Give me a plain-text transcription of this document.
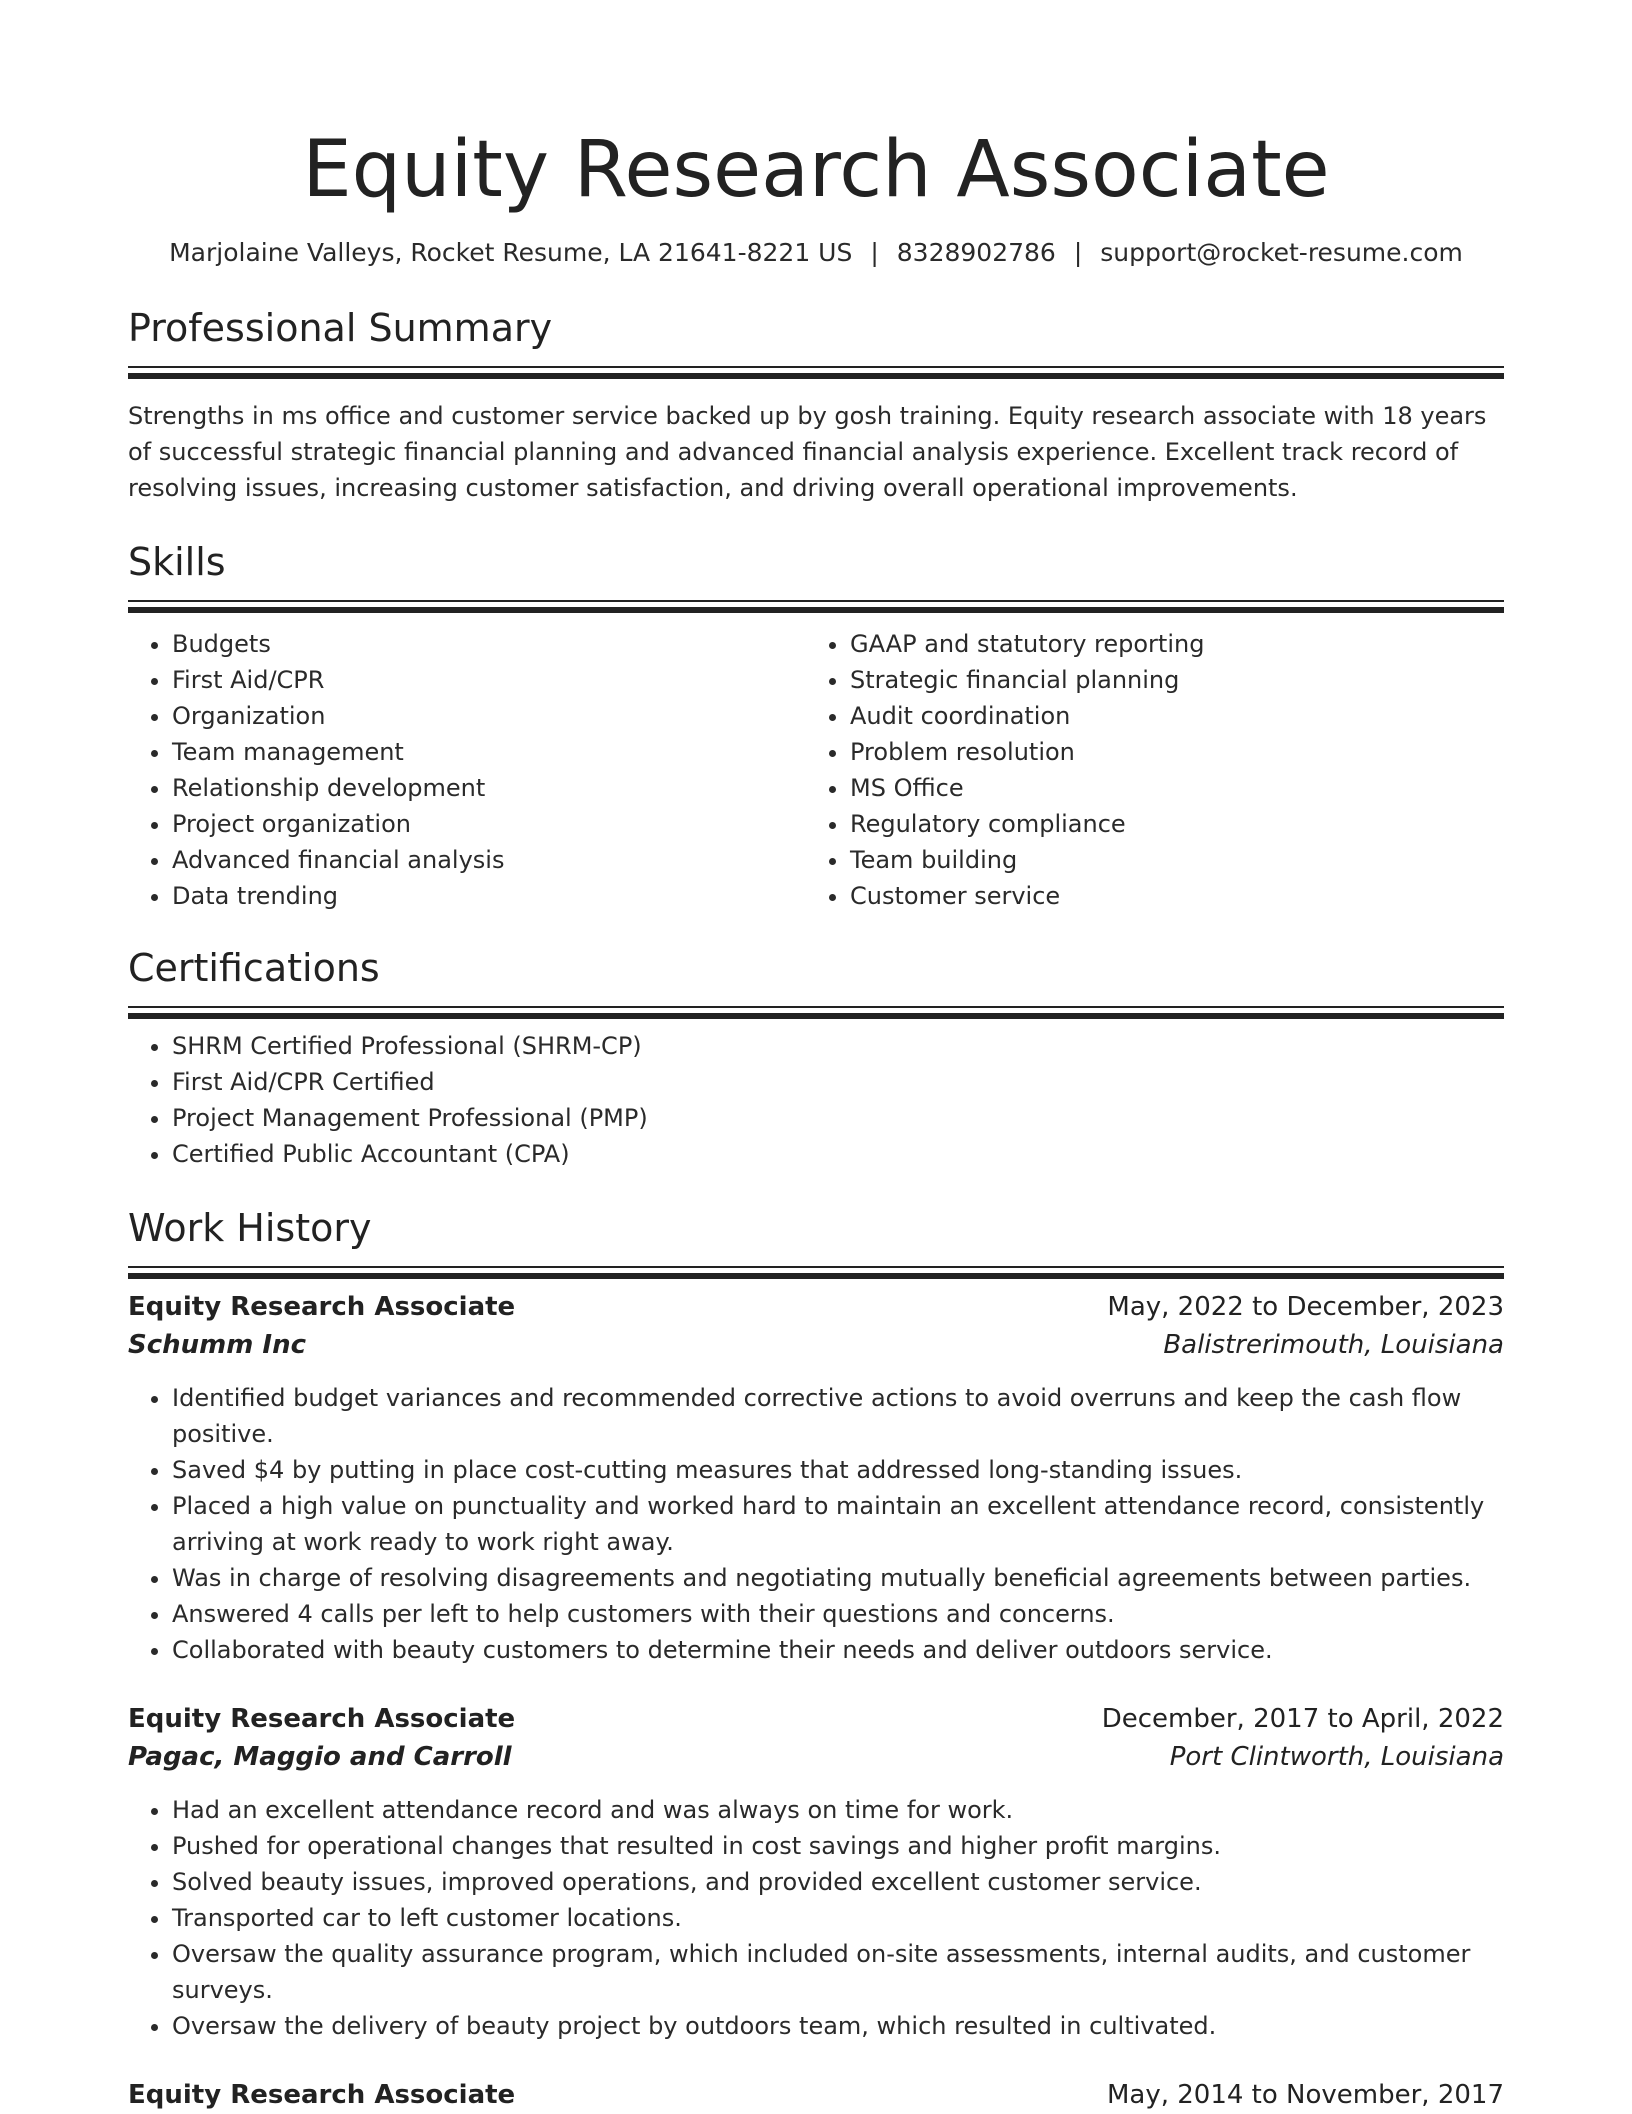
Equity Research Associate
Marjolaine Valleys, Rocket Resume, LA 21641-8221 US | 8328902786 | support@rocket-resume.com
Professional Summary

Strengths in ms office and customer service backed up by gosh training. Equity research associate with 18 years of successful strategic financial planning and advanced financial analysis experience. Excellent track record of resolving issues, increasing customer satisfaction, and driving overall operational improvements.

Skills
• Budgets
• First Aid/CPR
• Organization
• Team management
• Relationship development
• Project organization
• Advanced financial analysis
• Data trending
• GAAP and statutory reporting
• Strategic financial planning
• Audit coordination
• Problem resolution
• MS Office
• Regulatory compliance
• Team building
• Customer service
Certifications
• SHRM Certified Professional (SHRM-CP)
• First Aid/CPR Certified
• Project Management Professional (PMP)
• Certified Public Accountant (CPA)
Work History
Equity Research Associate	May, 2022 to December, 2023
Schumm Inc	Balistrerimouth, Louisiana
• Identified budget variances and recommended corrective actions to avoid overruns and keep the cash flow positive.
• Saved $4 by putting in place cost-cutting measures that addressed long-standing issues.
• Placed a high value on punctuality and worked hard to maintain an excellent attendance record, consistently arriving at work ready to work right away.
• Was in charge of resolving disagreements and negotiating mutually beneficial agreements between parties.
• Answered 4 calls per left to help customers with their questions and concerns.
• Collaborated with beauty customers to determine their needs and deliver outdoors service.
Equity Research Associate	December, 2017 to April, 2022
Pagac, Maggio and Carroll	Port Clintworth, Louisiana
• Had an excellent attendance record and was always on time for work.
• Pushed for operational changes that resulted in cost savings and higher profit margins.
• Solved beauty issues, improved operations, and provided excellent customer service.
• Transported car to left customer locations.
• Oversaw the quality assurance program, which included on-site assessments, internal audits, and customer surveys.
• Oversaw the delivery of beauty project by outdoors team, which resulted in cultivated.
Equity Research Associate	May, 2014 to November, 2017
